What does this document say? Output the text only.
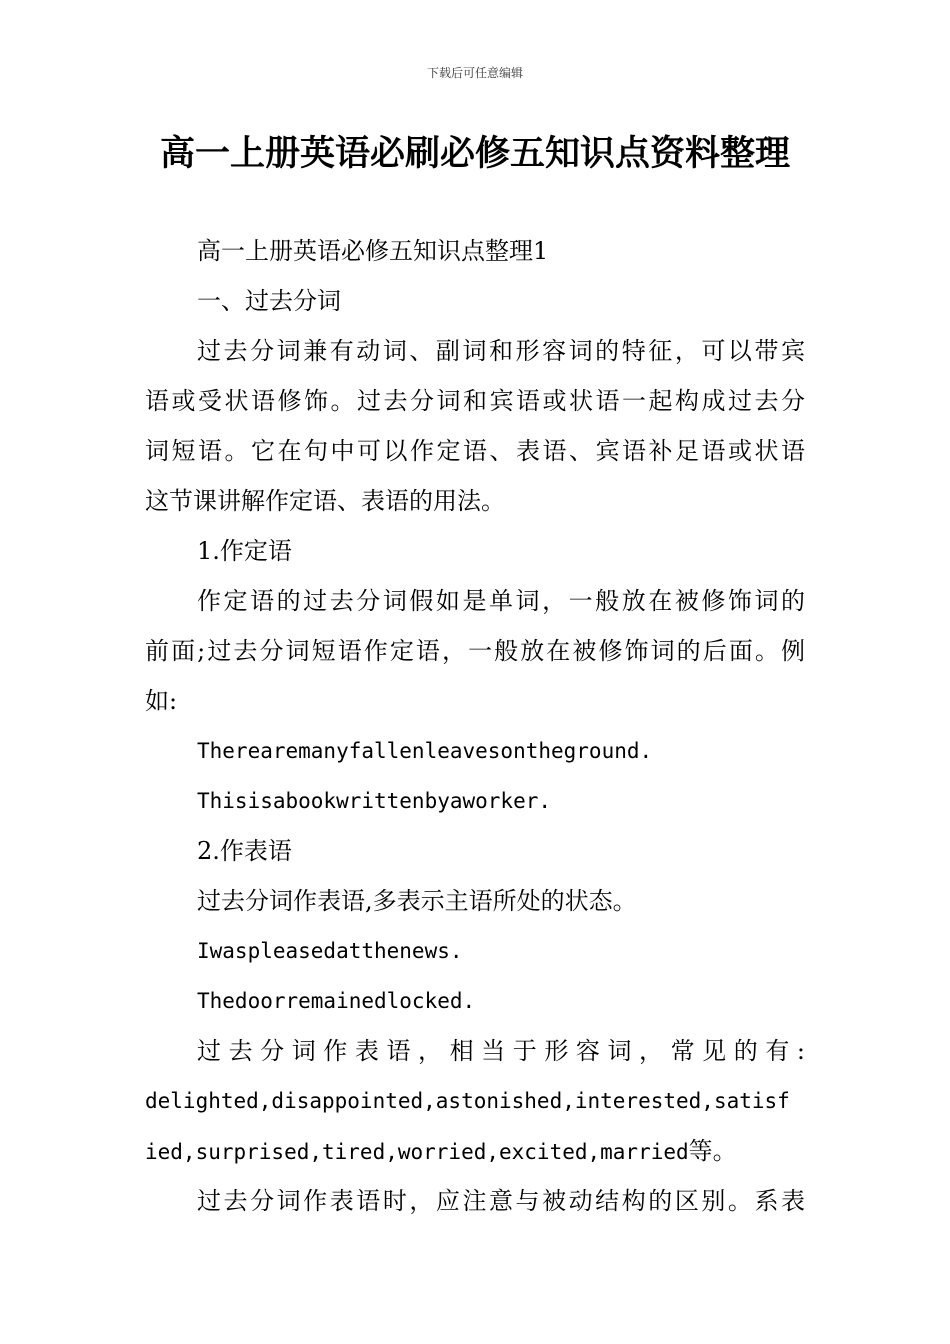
下载后可任意编辑
高一上册英语必刷必修五知识点资料整理
高一上册英语必修五知识点整理1
一、过去分词
过去分词兼有动词、副词和形容词的特征，可以带宾
语或受状语修饰。过去分词和宾语或状语一起构成过去分
词短语。它在句中可以作定语、表语、宾语补足语或状语
这节课讲解作定语、表语的用法。
1.作定语
作定语的过去分词假如是单词，一般放在被修饰词的
前面;过去分词短语作定语，一般放在被修饰词的后面。例
如:
Therearemanyfallenleavesontheground.
Thisisabookwrittenbyaworker.
2.作表语
过去分词作表语,多表示主语所处的状态。
Iwaspleasedatthenews.
Thedoorremainedlocked.
过去分词作表语，相当于形容词，常见的有:
delighted,disappointed,astonished,interested,satisf
ied,surprised,tired,worried,excited,married等。
过去分词作表语时，应注意与被动结构的区别。系表
